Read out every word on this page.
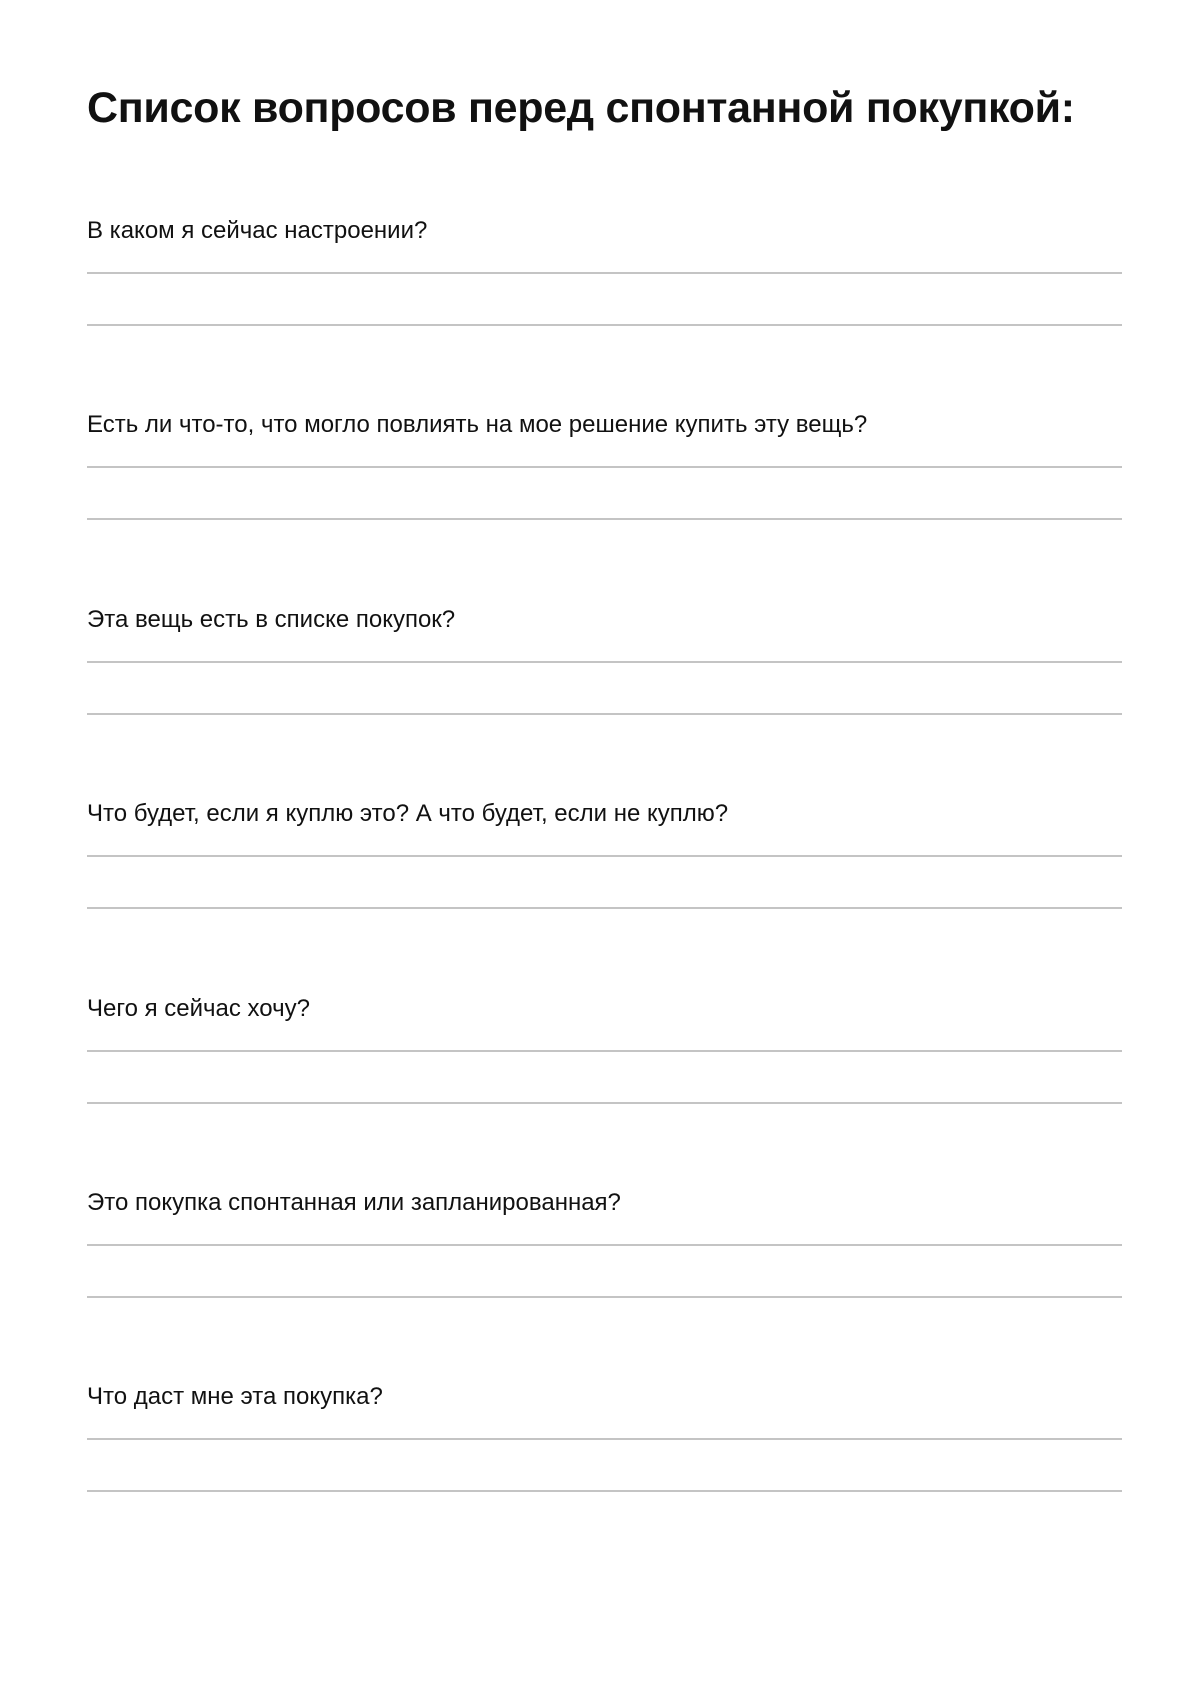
Список вопросов перед спонтанной покупкой:
В каком я сейчас настроении?
Есть ли что-то, что могло повлиять на мое решение купить эту вещь?
Эта вещь есть в списке покупок?
Что будет, если я куплю это? А что будет, если не куплю?
Чего я сейчас хочу?
Это покупка спонтанная или запланированная?
Что даст мне эта покупка?
